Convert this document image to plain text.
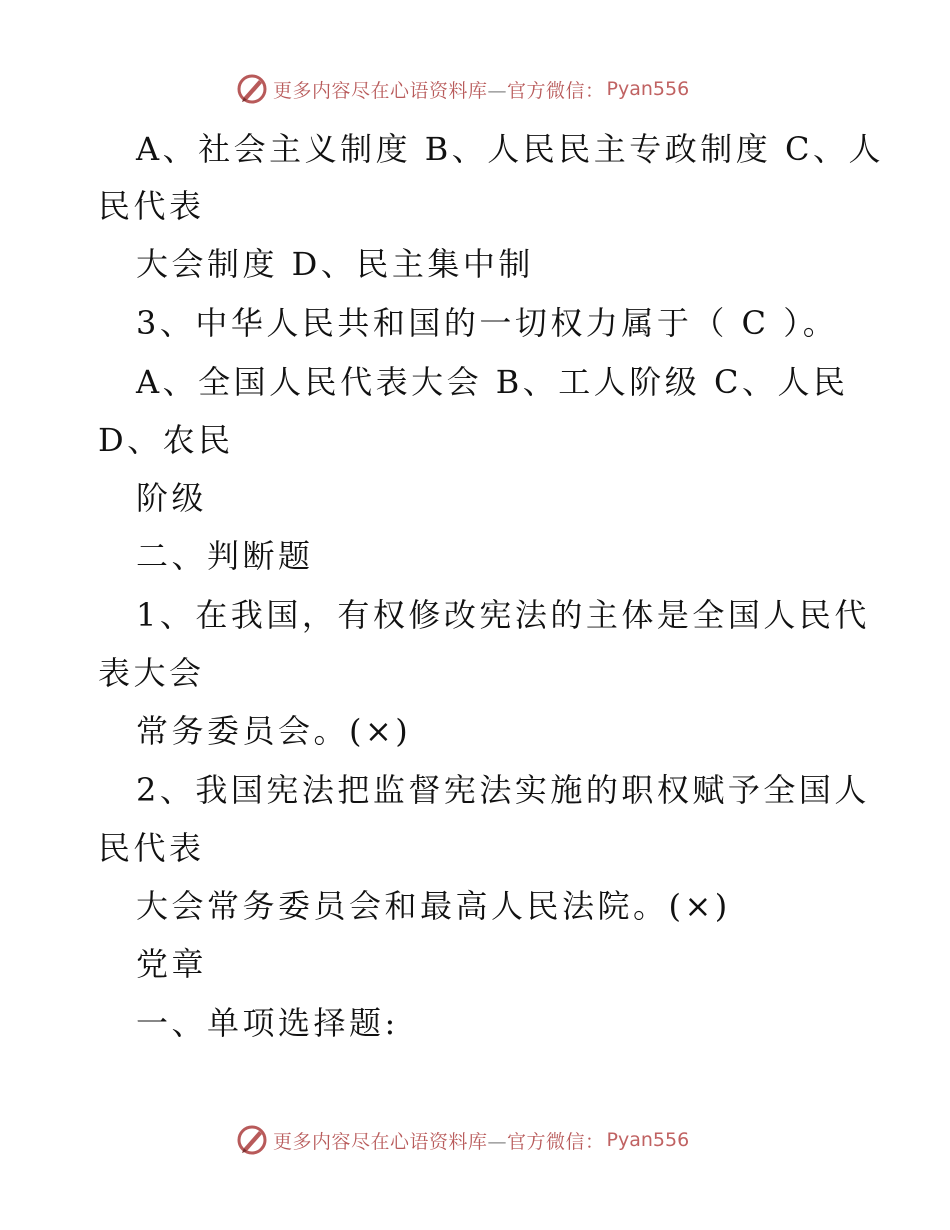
更多内容尽在心语资料库—官方微信： Pyan556
A、社会主义制度 B、人民民主专政制度 C、人
民代表
大会制度 D、民主集中制
3、中华人民共和国的一切权力属于（ C ）。
A、全国人民代表大会 B、工人阶级 C、人民
D、农民
阶级
二、判断题
1、在我国，有权修改宪法的主体是全国人民代
表大会
常务委员会。(×)
2、我国宪法把监督宪法实施的职权赋予全国人
民代表
大会常务委员会和最高人民法院。(×)
党章
一、单项选择题:
更多内容尽在心语资料库—官方微信： Pyan556
